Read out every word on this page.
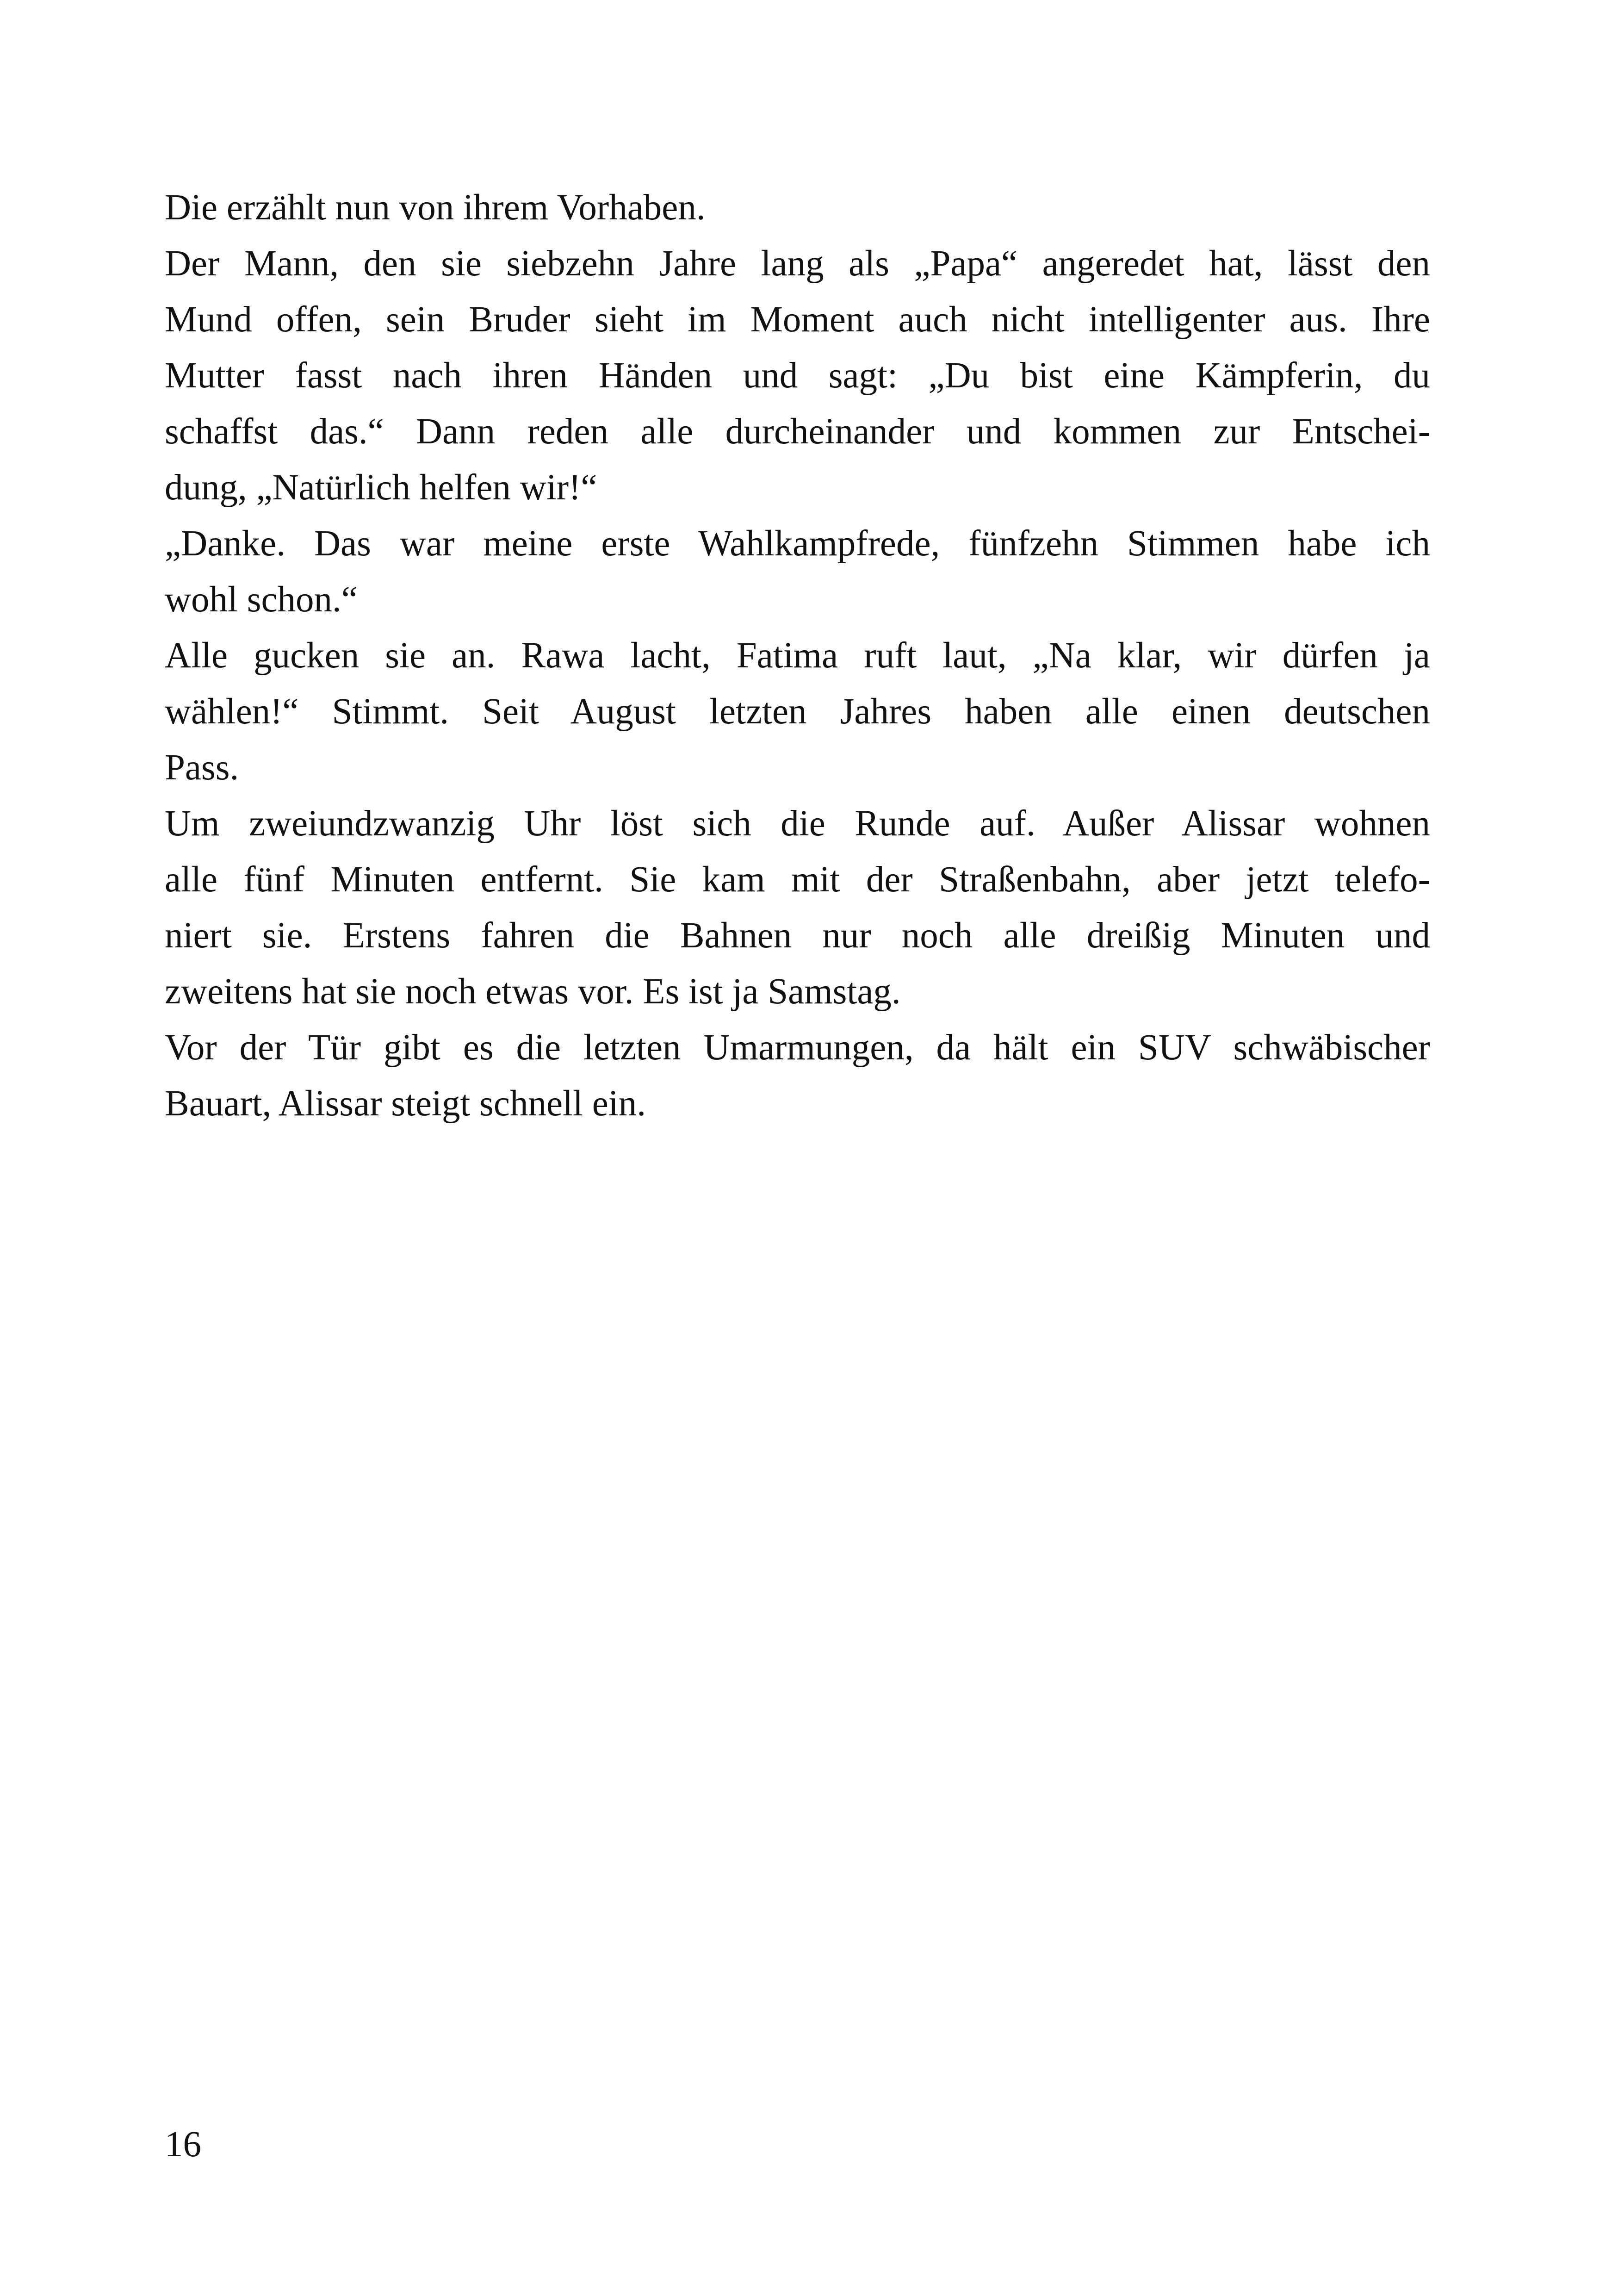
Die erzählt nun von ihrem Vorhaben.

Der Mann, den sie siebzehn Jahre lang als „Papa“ angeredet hat, lässt den
Mund offen, sein Bruder sieht im Moment auch nicht intelligenter aus. Ihre
Mutter fasst nach ihren Händen und sagt: „Du bist eine Kämpferin, du
schaffst das.“ Dann reden alle durcheinander und kommen zur Entschei-
dung, „Natürlich helfen wir!“

„Danke. Das war meine erste Wahlkampfrede, fünfzehn Stimmen habe ich
wohl schon.“

Alle gucken sie an. Rawa lacht, Fatima ruft laut, „Na klar, wir dürfen ja
wählen!“ Stimmt. Seit August letzten Jahres haben alle einen deutschen
Pass.

Um zweiundzwanzig Uhr löst sich die Runde auf. Außer Alissar wohnen
alle fünf Minuten entfernt. Sie kam mit der Straßenbahn, aber jetzt telefo-
niert sie. Erstens fahren die Bahnen nur noch alle dreißig Minuten und
zweitens hat sie noch etwas vor. Es ist ja Samstag.

Vor der Tür gibt es die letzten Umarmungen, da hält ein SUV schwäbischer
Bauart, Alissar steigt schnell ein.

16
